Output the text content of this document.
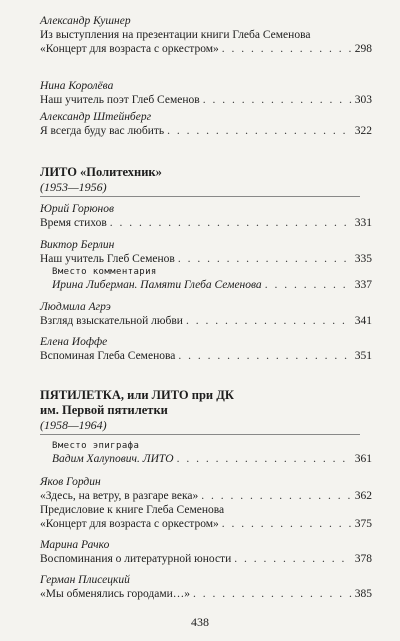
Александр Кушнер
Из выступления на презентации книги Глеба Семенова
«Концерт для возраста с оркестром» . . .	298
Нина Королёва
Наш учитель поэт Глеб Семенов . . .	303
Александр Штейнберг
Я всегда буду вас любить . . .	322
ЛИТО «Политехник»
(1953—1956)
Юрий Горюнов
Время стихов . . .	331
Виктор Берлин
Наш учитель Глеб Семенов . . .	335
Вместо комментария
Ирина Либерман. Памяти Глеба Семенова . . .	337
Людмила Агрэ
Взгляд взыскательной любви . . .	341
Елена Иоффе
Вспоминая Глеба Семенова . . .	351
ПЯТИЛЕТКА, или ЛИТО при ДК
им. Первой пятилетки
(1958—1964)
Вместо эпиграфа
Вадим Халупович. ЛИТО . . .	361
Яков Гордин
«Здесь, на ветру, в разгаре века» . . .	362
Предисловие к книге Глеба Семенова
«Концерт для возраста с оркестром» . . .	375
Марина Рачко
Воспоминания о литературной юности . . .	378
Герман Плисецкий
«Мы обменялись городами…» . . .	385
438
